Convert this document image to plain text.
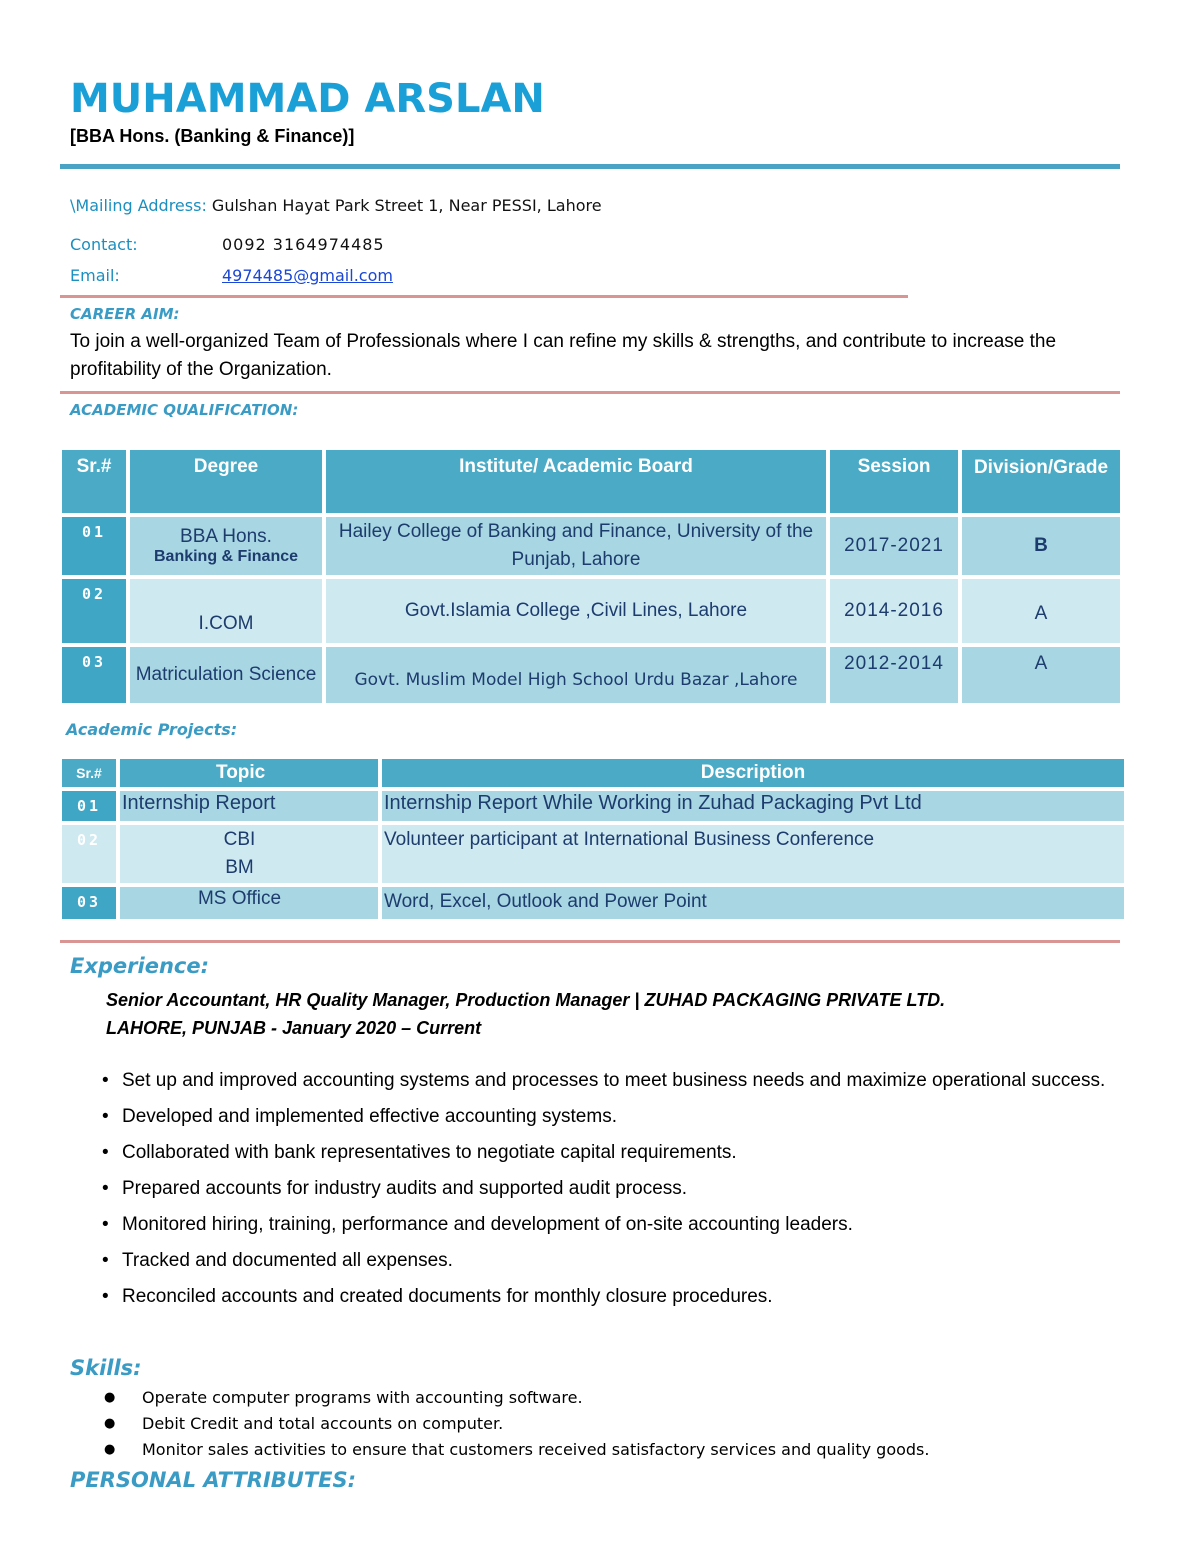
MUHAMMAD ARSLAN
[BBA Hons. (Banking & Finance)]
\Mailing Address: Gulshan Hayat Park Street 1, Near PESSI, Lahore
Contact:	0092 3164974485
Email:	4974485@gmail.com
CAREER AIM:
To join a well-organized Team of Professionals where I can refine my skills & strengths, and contribute to increase the profitability of the Organization.
ACADEMIC QUALIFICATION:
Sr.#	Degree	Institute/ Academic Board	Session	Division/Grade
01	BBA Hons.
Banking & Finance	Hailey College of Banking and Finance, University of the Punjab, Lahore	2017-2021	B
02	I.COM	Govt.Islamia College ,Civil Lines, Lahore	2014-2016	A
03	Matriculation Science	Govt. Muslim Model High School Urdu Bazar ,Lahore	2012-2014	A
Academic Projects:
Sr.#	Topic	Description
01	Internship Report	Internship Report While Working in Zuhad Packaging Pvt Ltd
02	CBI
BM	Volunteer participant at International Business Conference
03	MS Office	Word, Excel, Outlook and Power Point
Experience:
Senior Accountant, HR Quality Manager, Production Manager | ZUHAD PACKAGING PRIVATE LTD.
LAHORE, PUNJAB - January 2020 – Current
• Set up and improved accounting systems and processes to meet business needs and maximize operational success.
• Developed and implemented effective accounting systems.
• Collaborated with bank representatives to negotiate capital requirements.
• Prepared accounts for industry audits and supported audit process.
• Monitored hiring, training, performance and development of on-site accounting leaders.
• Tracked and documented all expenses.
• Reconciled accounts and created documents for monthly closure procedures.
Skills:
● Operate computer programs with accounting software.
● Debit Credit and total accounts on computer.
● Monitor sales activities to ensure that customers received satisfactory services and quality goods.
PERSONAL ATTRIBUTES:
